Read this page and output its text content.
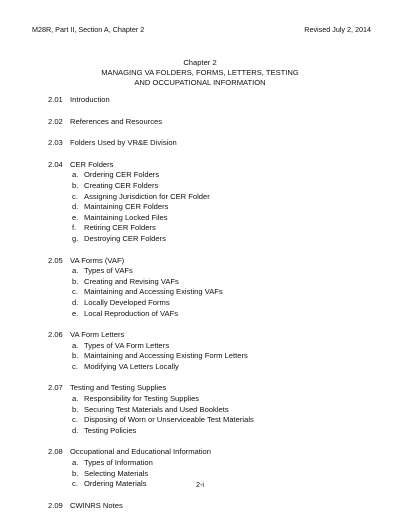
M28R, Part II, Section A, Chapter 2	Revised July 2, 2014
Chapter 2
MANAGING VA FOLDERS, FORMS, LETTERS, TESTING
AND OCCUPATIONAL INFORMATION
2.01 Introduction
2.02 References and Resources
2.03 Folders Used by VR&E Division
2.04 CER Folders
a. Ordering CER Folders
b. Creating CER Folders
c. Assigning Jurisdiction for CER Folder
d. Maintaining CER Folders
e. Maintaining Locked Files
f. Retiring CER Folders
g. Destroying CER Folders
2.05 VA Forms (VAF)
a. Types of VAFs
b. Creating and Revising VAFs
c. Maintaining and Accessing Existing VAFs
d. Locally Developed Forms
e. Local Reproduction of VAFs
2.06 VA Form Letters
a. Types of VA Form Letters
b. Maintaining and Accessing Existing Form Letters
c. Modifying VA Letters Locally
2.07 Testing and Testing Supplies
a. Responsibility for Testing Supplies
b. Securing Test Materials and Used Booklets
c. Disposing of Worn or Unserviceable Test Materials
d. Testing Policies
2.08 Occupational and Educational Information
a. Types of Information
b. Selecting Materials
c. Ordering Materials
2.09 CWINRS Notes
2-i
